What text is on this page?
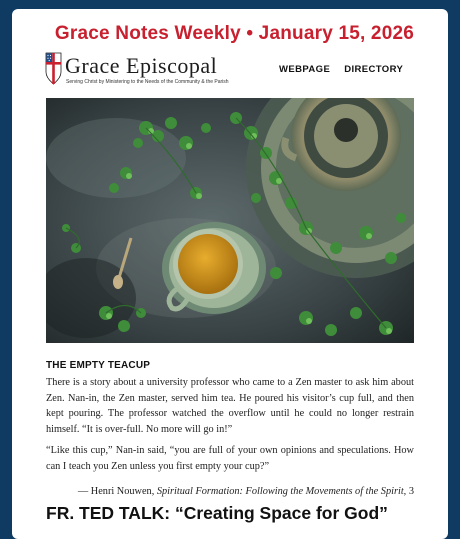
Grace Notes Weekly • January 15, 2026
Grace Episcopal
Serving Christ by Ministering to the Needs of the Community & the Parish
WEBPAGE DIRECTORY
THE EMPTY TEACUP

There is a story about a university professor who came to a Zen master to ask him about Zen. Nan-in, the Zen master, served him tea. He poured his visitor’s cup full, and then kept pouring. The professor watched the overflow until he could no longer restrain himself. “It is over-full. No more will go in!”

“Like this cup,” Nan-in said, “you are full of your own opinions and speculations. How can I teach you Zen unless you first empty your cup?”

— Henri Nouwen, Spiritual Formation: Following the Movements of the Spirit, 3

FR. TED TALK: “Creating Space for God”
